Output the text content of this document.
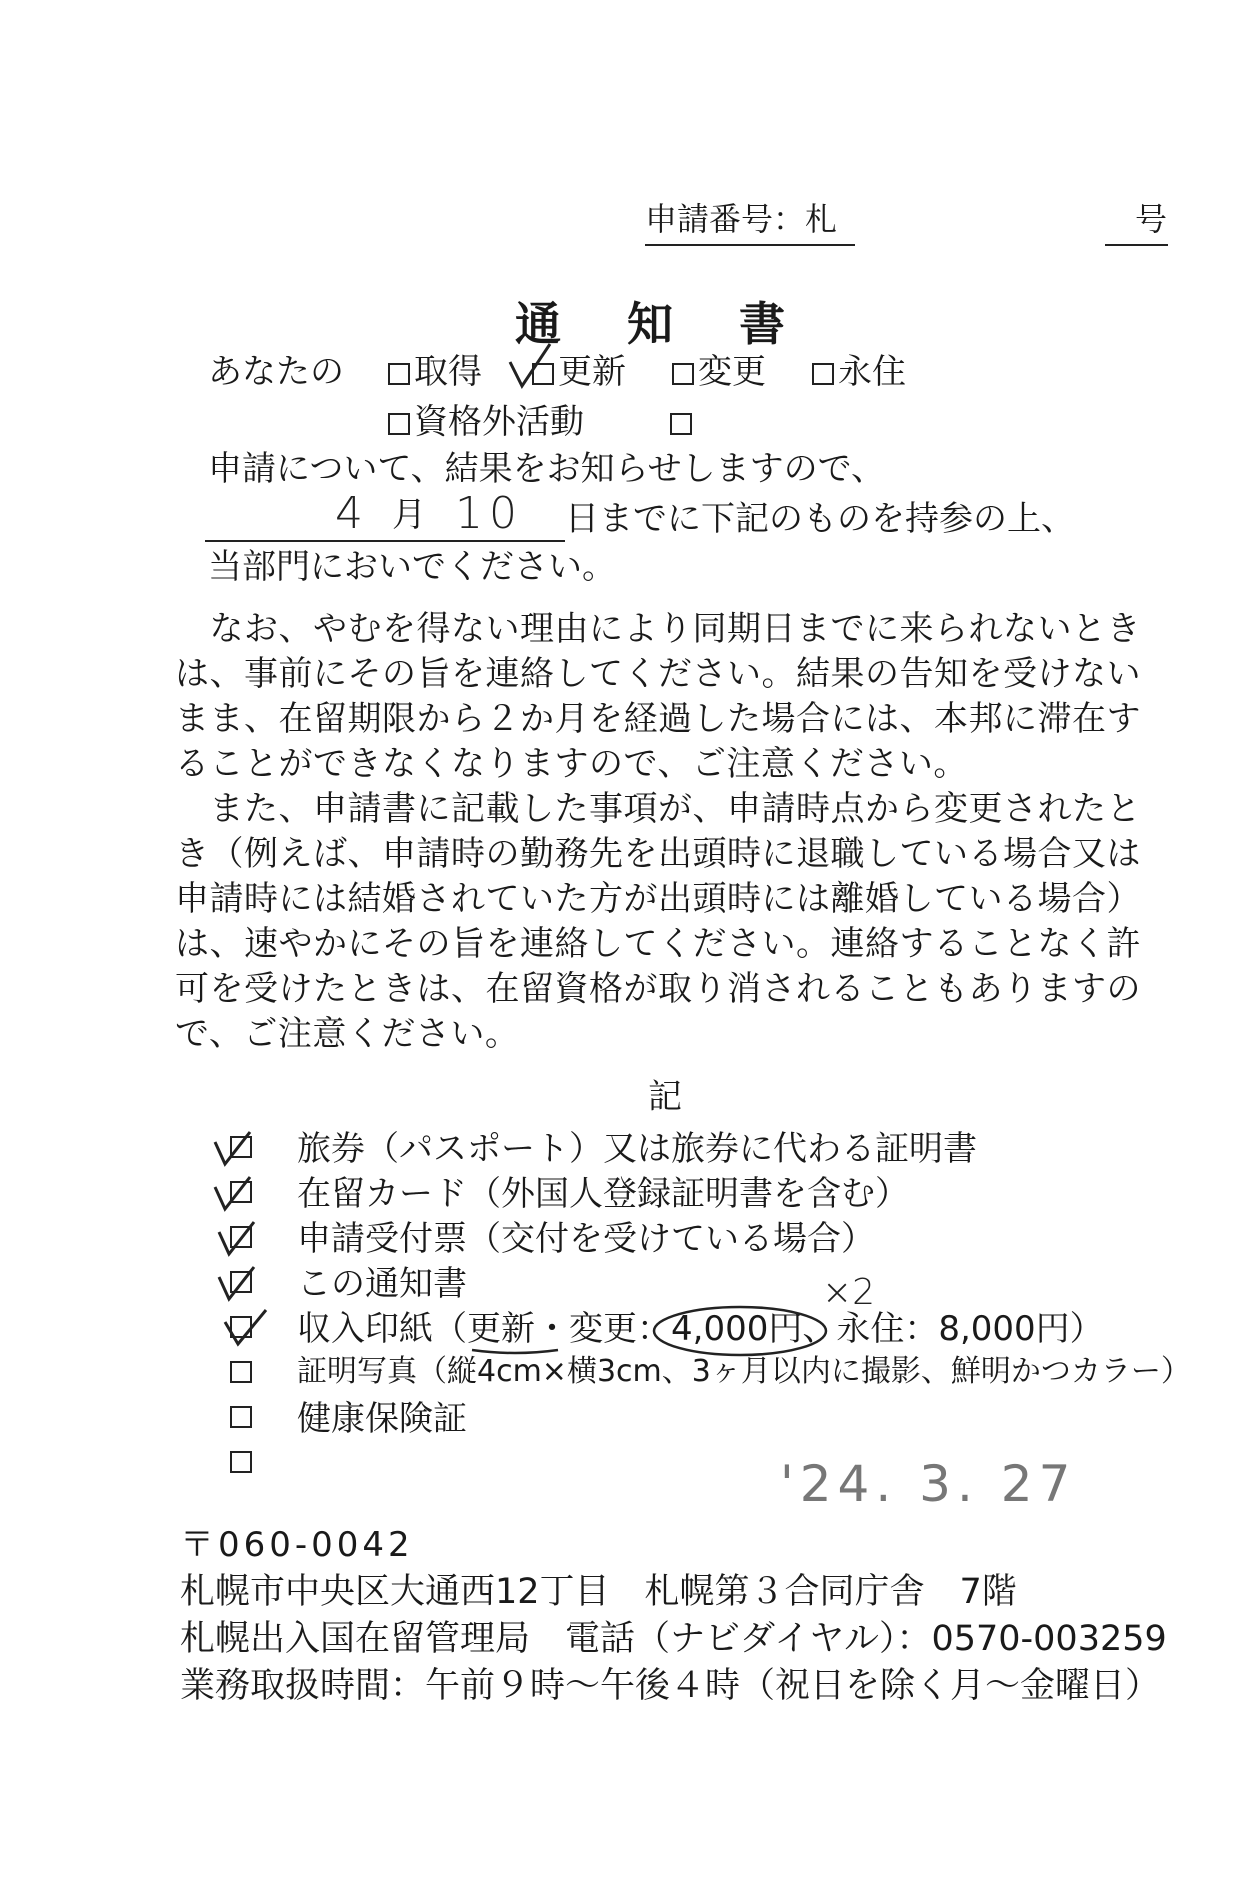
申請番号：札	号
通　知　書
あなたの	取得	更新	変更	永住
資格外活動
申請について、結果をお知らせしますので、
4 月 10 日までに下記のものを持参の上、
当部門においでください。
　なお、やむを得ない理由により同期日までに来られないとき
は、事前にその旨を連絡してください。結果の告知を受けない
まま、在留期限から２か月を経過した場合には、本邦に滞在す
ることができなくなりますので、ご注意ください。
　また、申請書に記載した事項が、申請時点から変更されたと
き（例えば、申請時の勤務先を出頭時に退職している場合又は
申請時には結婚されていた方が出頭時には離婚している場合）
は、速やかにその旨を連絡してください。連絡することなく許
可を受けたときは、在留資格が取り消されることもありますの
で、ご注意ください。
記
旅券（パスポート）又は旅券に代わる証明書
在留カード（外国人登録証明書を含む）
申請受付票（交付を受けている場合）
この通知書
収入印紙（更新・変更：4,000円、永住：8,000円）
証明写真（縦4cm×横3cm、3ヶ月以内に撮影、鮮明かつカラー）
健康保険証
×2
'24. 3. 27
〒060-0042
札幌市中央区大通西12丁目　札幌第３合同庁舎　7階
札幌出入国在留管理局　電話（ナビダイヤル）：0570-003259
業務取扱時間：午前９時～午後４時（祝日を除く月～金曜日）
